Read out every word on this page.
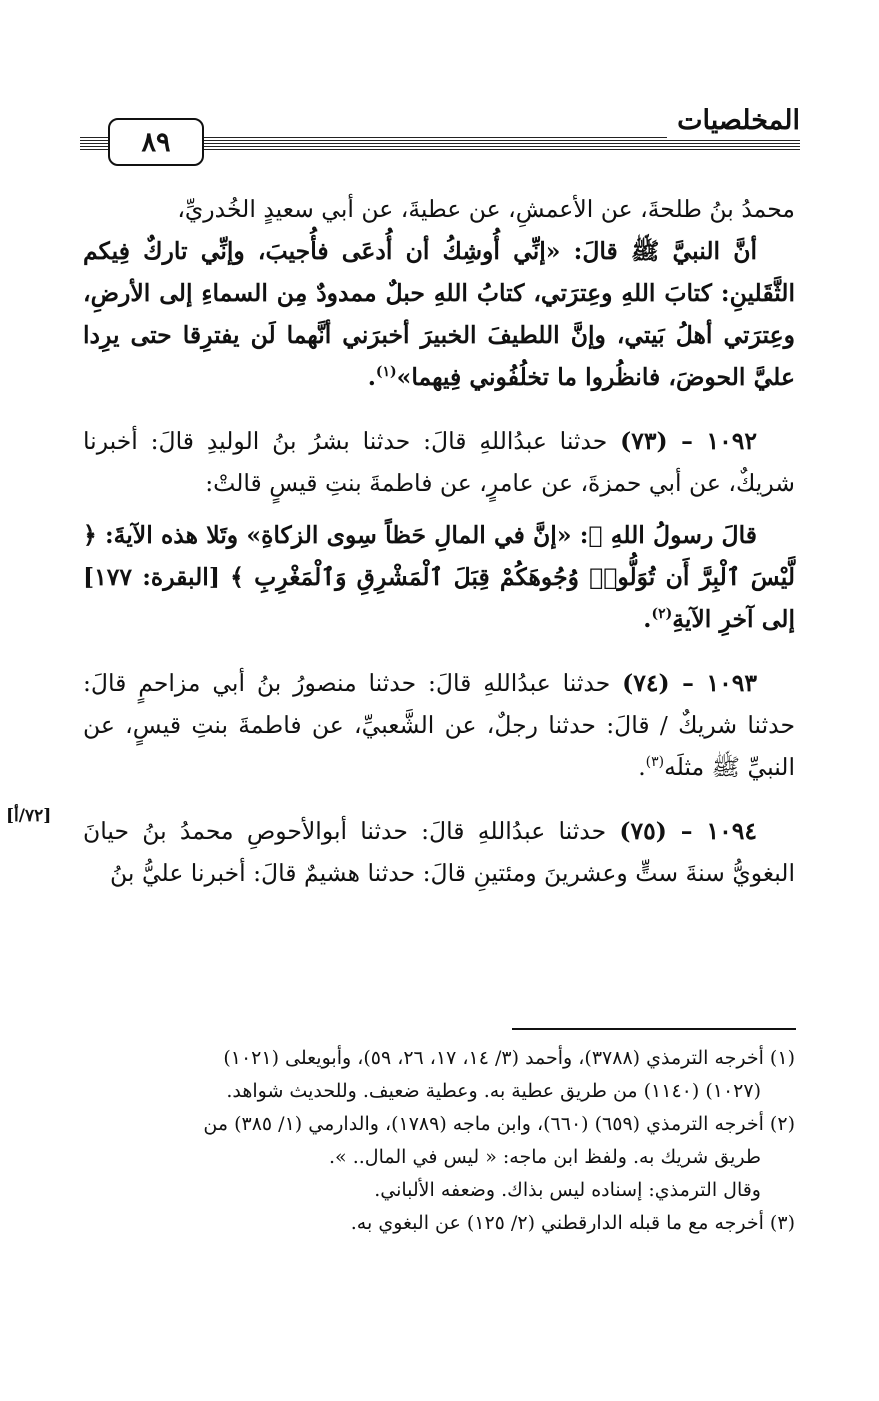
٨٩
المخلصيات
[٧٢/أ]

محمدُ بنُ طلحةَ، عن الأعمشِ، عن عطيةَ، عن أبي سعيدٍ الخُدريِّ،

أنَّ النبيَّ ﷺ قالَ: «إنِّي أُوشِكُ أن أُدعَى فأُجيبَ، وإنِّي تاركٌ فِيكم الثَّقَلينِ: كتابَ اللهِ وعِترَتي، كتابُ اللهِ حبلٌ ممدودٌ مِن السماءِ إلى الأرضِ، وعِترَتي أهلُ بَيتي، وإنَّ اللطيفَ الخبيرَ أخبرَني أنَّهما لَن يفترِقا حتى يرِدا عليَّ الحوضَ، فانظُروا ما تخلُفُوني فِيهما»$^{(١)}$.

١٠٩٢ – (٧٣) حدثنا عبدُاللهِ قالَ: حدثنا بشرُ بنُ الوليدِ قالَ: أخبرنا شريكٌ، عن أبي حمزةَ، عن عامرٍ، عن فاطمةَ بنتِ قيسٍ قالتْ:

قالَ رسولُ اللهِ ﷺ: «إنَّ في المالِ حَظاً سِوى الزكاةِ» وتَلا هذه الآيةَ: ﴿ لَّيْسَ ٱلْبِرَّ أَن تُوَلُّوا۟ وُجُوهَكُمْ قِبَلَ ٱلْمَشْرِقِ وَٱلْمَغْرِبِ ﴾ [البقرة: ١٧٧] إلى آخرِ الآيةِ$^{(٢)}$.

١٠٩٣ – (٧٤) حدثنا عبدُاللهِ قالَ: حدثنا منصورُ بنُ أبي مزاحمٍ قالَ: حدثنا شريكٌ / قالَ: حدثنا رجلٌ، عن الشَّعبيِّ، عن فاطمةَ بنتِ قيسٍ، عن النبيِّ ﷺ مثلَه$^{(٣)}$.

١٠٩٤ – (٧٥) حدثنا عبدُاللهِ قالَ: حدثنا أبوالأحوصِ محمدُ بنُ حيانَ البغويُّ سنةَ ستٍّ وعشرينَ ومئتينِ قالَ: حدثنا هشيمٌ قالَ: أخبرنا عليُّ بنُ

(١) أخرجه الترمذي (٣٧٨٨)، وأحمد (٣/ ١٤، ١٧، ٢٦، ٥٩)، وأبويعلى (١٠٢١)

(١٠٢٧) (١١٤٠) من طريق عطية به. وعطية ضعيف. وللحديث شواهد.

(٢) أخرجه الترمذي (٦٥٩) (٦٦٠)، وابن ماجه (١٧٨٩)، والدارمي (١/ ٣٨٥) من

طريق شريك به. ولفظ ابن ماجه: « ليس في المال.. ».

وقال الترمذي: إسناده ليس بذاك. وضعفه الألباني.

(٣) أخرجه مع ما قبله الدارقطني (٢/ ١٢٥) عن البغوي به.
